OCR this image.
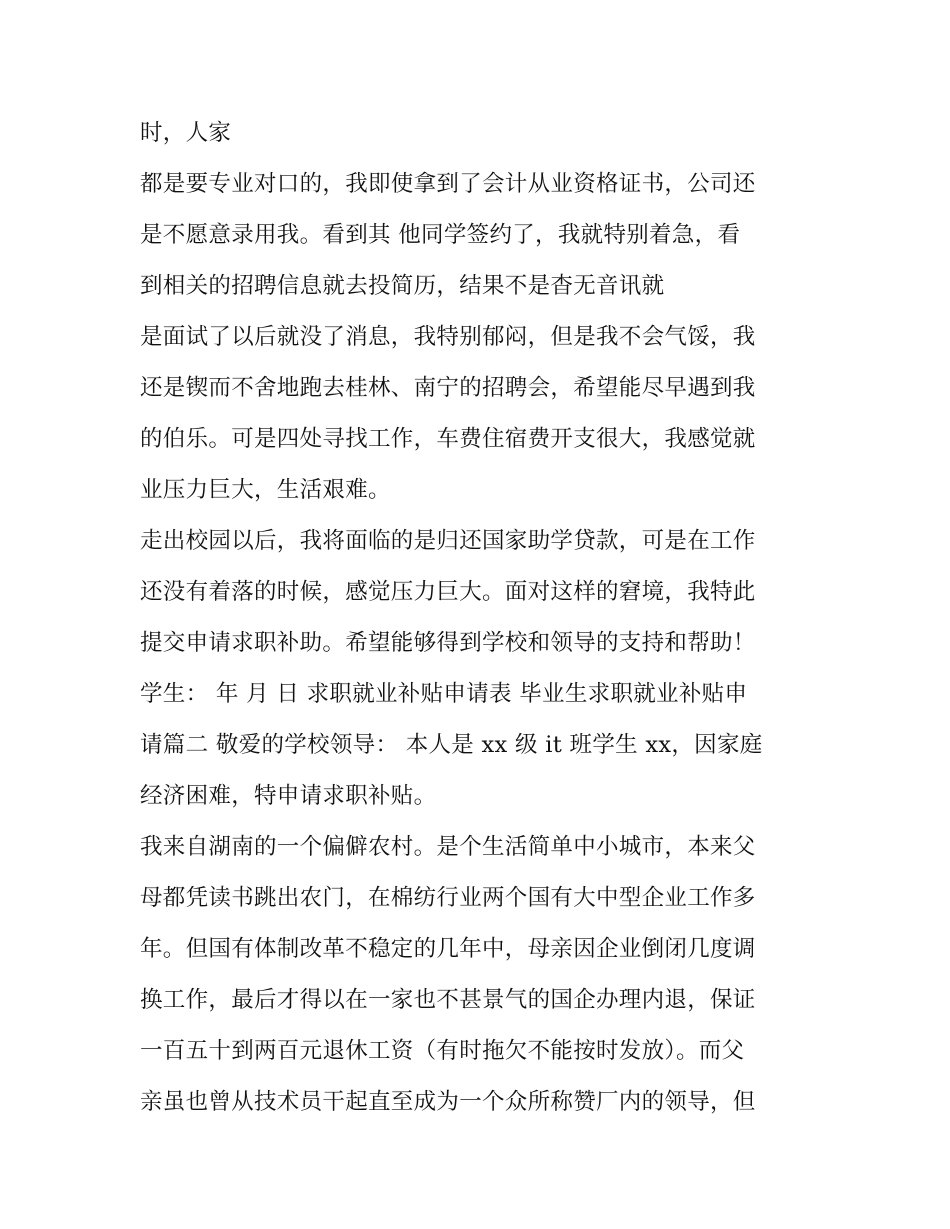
时，人家
都是要专业对口的，我即使拿到了会计从业资格证书，公司还
是不愿意录用我。看到其 他同学签约了，我就特别着急，看
到相关的招聘信息就去投简历，结果不是杳无音讯就
是面试了以后就没了消息，我特别郁闷，但是我不会气馁，我
还是锲而不舍地跑去桂林、南宁的招聘会，希望能尽早遇到我
的伯乐。可是四处寻找工作，车费住宿费开支很大，我感觉就
业压力巨大，生活艰难。
走出校园以后，我将面临的是归还国家助学贷款，可是在工作
还没有着落的时候，感觉压力巨大。面对这样的窘境，我特此
提交申请求职补助。希望能够得到学校和领导的支持和帮助！
学生： 年 月 日 求职就业补贴申请表 毕业生求职就业补贴申
请篇二 敬爱的学校领导： 本人是 xx 级 it 班学生 xx，因家庭
经济困难，特申请求职补贴。
我来自湖南的一个偏僻农村。是个生活简单中小城市，本来父
母都凭读书跳出农门，在棉纺行业两个国有大中型企业工作多
年。但国有体制改革不稳定的几年中，母亲因企业倒闭几度调
换工作，最后才得以在一家也不甚景气的国企办理内退，保证
一百五十到两百元退休工资（有时拖欠不能按时发放）。而父
亲虽也曾从技术员干起直至成为一个众所称赞厂内的领导，但
